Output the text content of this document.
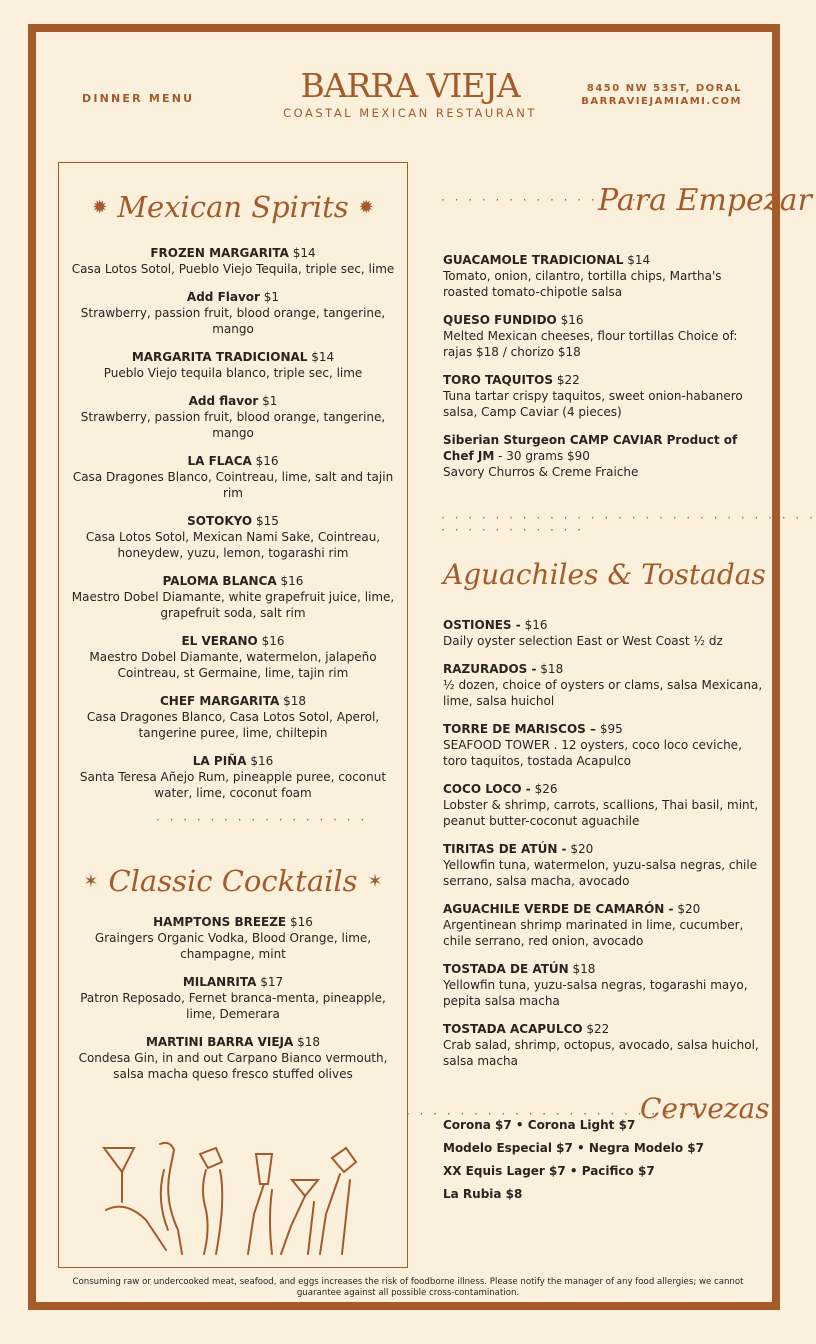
DINNER MENU	BARRA VIEJA
COASTAL MEXICAN RESTAURANT
8450 NW 53ST, DORAL
BARRAVIEJAMIAMI.COM
✹ Mexican Spirits ✹
FROZEN MARGARITA $14
Casa Lotos Sotol, Pueblo Viejo Tequila, triple sec, lime
Add Flavor $1
Strawberry, passion fruit, blood orange, tangerine, mango
MARGARITA TRADICIONAL $14
Pueblo Viejo tequila blanco, triple sec, lime
Add flavor $1
Strawberry, passion fruit, blood orange, tangerine, mango
LA FLACA $16
Casa Dragones Blanco, Cointreau, lime, salt and tajin rim
SOTOKYO $15
Casa Lotos Sotol, Mexican Nami Sake, Cointreau, honeydew, yuzu, lemon, togarashi rim
PALOMA BLANCA $16
Maestro Dobel Diamante, white grapefruit juice, lime, grapefruit soda, salt rim
EL VERANO $16
Maestro Dobel Diamante, watermelon, jalapeño Cointreau, st Germaine, lime, tajin rim
CHEF MARGARITA $18
Casa Dragones Blanco, Casa Lotos Sotol, Aperol, tangerine puree, lime, chiltepin
LA PIÑA $16
Santa Teresa Añejo Rum, pineapple puree, coconut water, lime, coconut foam
· · · · · · · · · · · · · · · ·
✶ Classic Cocktails ✶
HAMPTONS BREEZE $16
Graingers Organic Vodka, Blood Orange, lime, champagne, mint
MILANRITA $17
Patron Reposado, Fernet branca-menta, pineapple, lime, Demerara
MARTINI BARRA VIEJA $18
Condesa Gin, in and out Carpano Bianco vermouth, salsa macha queso fresco stuffed olives
· · · · · · · · · · · · · · · ·
Para Empezar
GUACAMOLE TRADICIONAL $14
Tomato, onion, cilantro, tortilla chips, Martha's roasted tomato-chipotle salsa
QUESO FUNDIDO $16
Melted Mexican cheeses, flour tortillas Choice of: rajas $18 / chorizo $18
TORO TAQUITOS $22
Tuna tartar crispy taquitos, sweet onion-habanero salsa, Camp Caviar (4 pieces)
Siberian Sturgeon CAMP CAVIAR Product of Chef JM - 30 grams $90
Savory Churros & Creme Fraiche
· · · · · · · · · · · · · · · · · · · · · · · · · · · · · · · · · · · · · · ·
Aguachiles & Tostadas
OSTIONES - $16
Daily oyster selection East or West Coast ½ dz
RAZURADOS - $18
½ dozen, choice of oysters or clams, salsa Mexicana, lime, salsa huichol
TORRE DE MARISCOS – $95
SEAFOOD TOWER . 12 oysters, coco loco ceviche, toro taquitos, tostada Acapulco
COCO LOCO - $26
Lobster & shrimp, carrots, scallions, Thai basil, mint, peanut butter-coconut aguachile
TIRITAS DE ATÚN - $20
Yellowfin tuna, watermelon, yuzu-salsa negras, chile serrano, salsa macha, avocado
AGUACHILE VERDE DE CAMARÓN - $20
Argentinean shrimp marinated in lime, cucumber, chile serrano, red onion, avocado
TOSTADA DE ATÚN $18
Yellowfin tuna, yuzu-salsa negras, togarashi mayo, pepita salsa macha
TOSTADA ACAPULCO $22
Crab salad, shrimp, octopus, avocado, salsa huichol, salsa macha
· · · · · · · · · · · · · · · · · · · · · ·
Cervezas
Corona $7 • Corona Light $7
Modelo Especial $7 • Negra Modelo $7
XX Equis Lager $7 • Pacifico $7
La Rubia $8
Consuming raw or undercooked meat, seafood, and eggs increases the risk of foodborne illness. Please notify the manager of any food allergies; we cannot guarantee against all possible cross-contamination.
